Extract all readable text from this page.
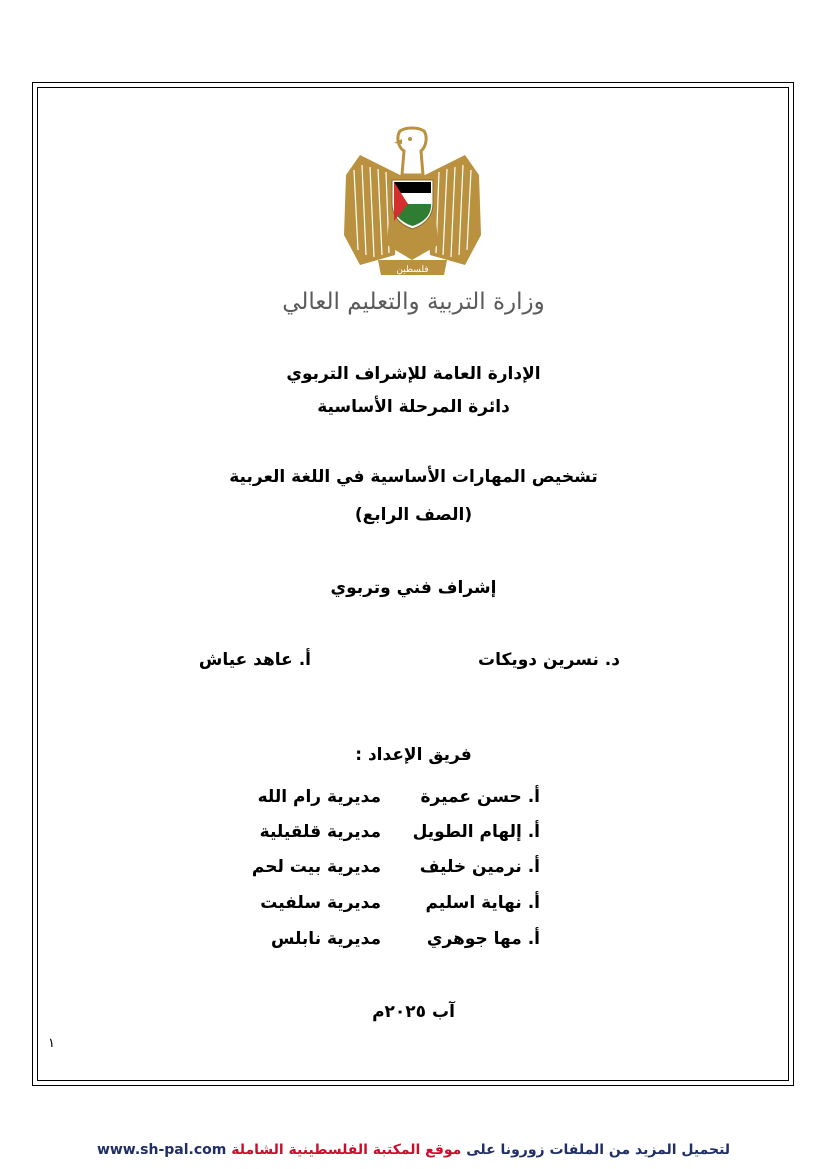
فلسطين
وزارة التربية والتعليم العالي
الإدارة العامة للإشراف التربوي
دائرة المرحلة الأساسية
تشخيص المهارات الأساسية في اللغة العربية
(الصف الرابع)
إشراف فني وتربوي
د. نسرين دويكات
أ. عاهد عياش
فريق الإعداد :
أ. حسن عميرة
مديرية رام الله
أ. إلهام الطويل
مديرية قلقيلية
أ. نرمين خليف
مديرية بيت لحم
أ. نهاية اسليم
مديرية سلفيت
أ. مها جوهري
مديرية نابلس
آب ٢٠٢٥م
١
لتحميل المزيد من الملفات زورونا على موقع المكتبة الفلسطينية الشاملة www.sh-pal.com
